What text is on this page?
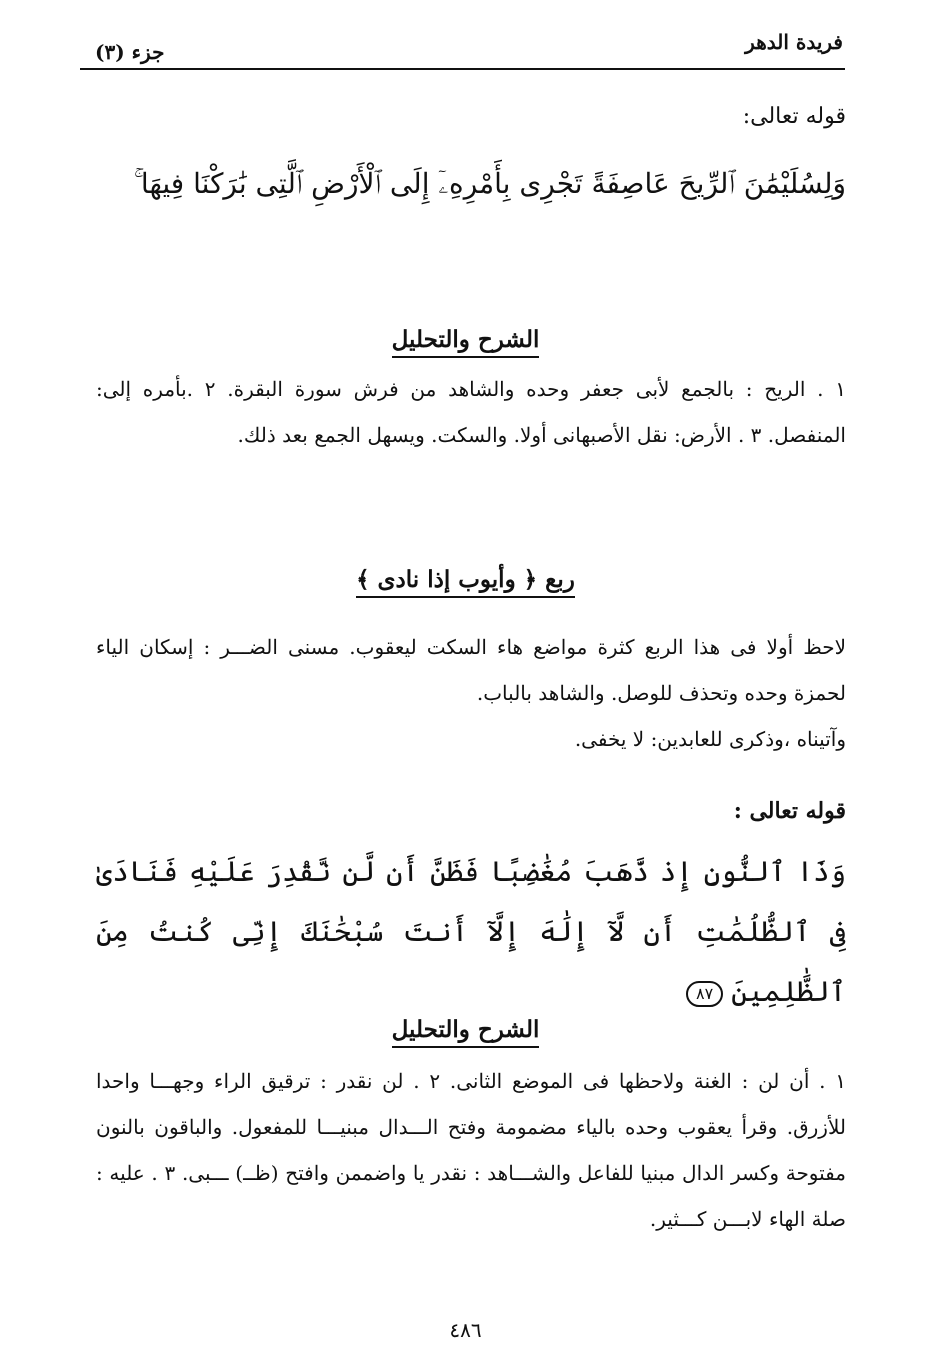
فريدة الدهر
جزء (٣)
قوله تعالى:
وَلِسُلَيْمَٰنَ ٱلرِّيحَ عَاصِفَةً تَجْرِى بِأَمْرِهِۦٓ إِلَى ٱلْأَرْضِ ٱلَّتِى بَٰرَكْنَا فِيهَا ۚ
الشرح والتحليل
١ . الريح : بالجمع لأبى جعفر وحده والشاهد من فرش سورة البقرة. ٢ .بأمره إلى: المنفصل. ٣ . الأرض: نقل الأصبهانى أولا. والسكت. ويسهل الجمع بعد ذلك.
ربع ﴿ وأيوب إذا نادى ﴾
لاحظ أولا فى هذا الربع كثرة مواضع هاء السكت ليعقوب. مسنى الضـــر : إسكان الياء لحمزة وحده وتحذف للوصل. والشاهد بالباب.
وآتيناه ،وذكرى للعابدين: لا يخفى.
قوله تعالى :
وَذَا ٱلنُّونِ إِذ ذَّهَبَ مُغَٰضِبًا فَظَنَّ أَن لَّن نَّقْدِرَ عَلَيْهِ فَنَادَىٰ فِى ٱلظُّلُمَٰتِ أَن لَّآ إِلَٰهَ إِلَّآ أَنتَ سُبْحَٰنَكَ إِنِّى كُنتُ مِنَ ٱلظَّٰلِمِينَ٨٧
الشرح والتحليل
١ . أن لن : الغنة ولاحظها فى الموضع الثانى. ٢ . لن نقدر : ترقيق الراء وجهـــا واحدا للأزرق. وقرأ يعقوب وحده بالياء مضمومة وفتح الـــدال مبنيـــا للمفعول. والباقون بالنون مفتوحة وكسر الدال مبنيا للفاعل والشـــاهد : نقدر يا واضممن وافتح (ظــ) ـــبى. ٣ . عليه : صلة الهاء لابـــن كـــثير.
٤٨٦
